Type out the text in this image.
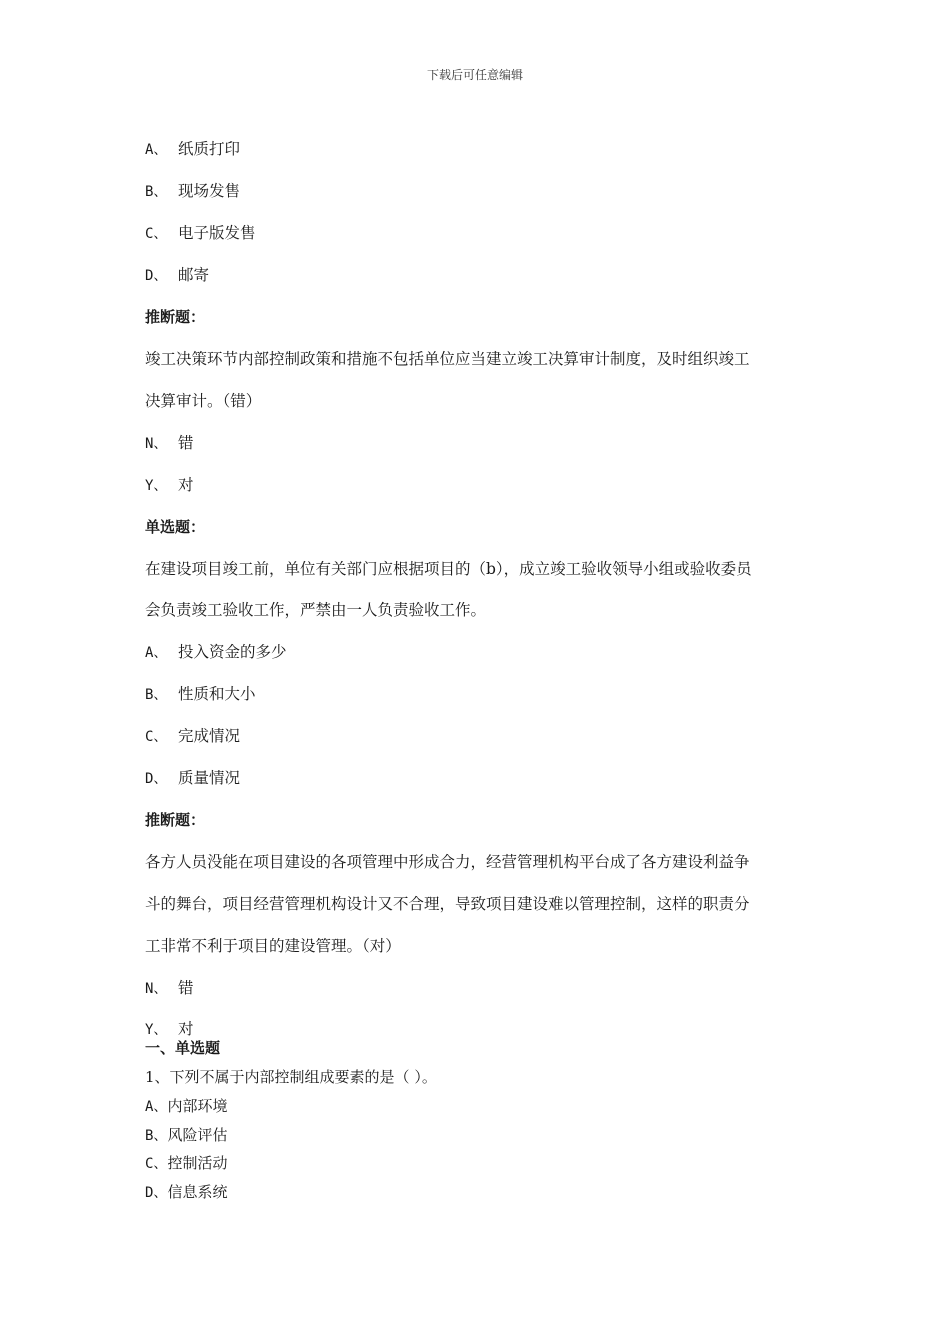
下载后可任意编辑
A、 纸质打印
B、 现场发售
C、 电子版发售
D、 邮寄
推断题：
竣工决策环节内部控制政策和措施不包括单位应当建立竣工决算审计制度，及时组织竣工
决算审计。（错）
N、 错
Y、 对
单选题：
在建设项目竣工前，单位有关部门应根据项目的（b），成立竣工验收领导小组或验收委员
会负责竣工验收工作，严禁由一人负责验收工作。
A、 投入资金的多少
B、 性质和大小
C、 完成情况
D、 质量情况
推断题：
各方人员没能在项目建设的各项管理中形成合力，经营管理机构平台成了各方建设利益争
斗的舞台，项目经营管理机构设计又不合理，导致项目建设难以管理控制，这样的职责分
工非常不利于项目的建设管理。（对）
N、 错
Y、 对
一、单选题
1、下列不属于内部控制组成要素的是（ ）。
A、内部环境
B、风险评估
C、控制活动
D、信息系统
